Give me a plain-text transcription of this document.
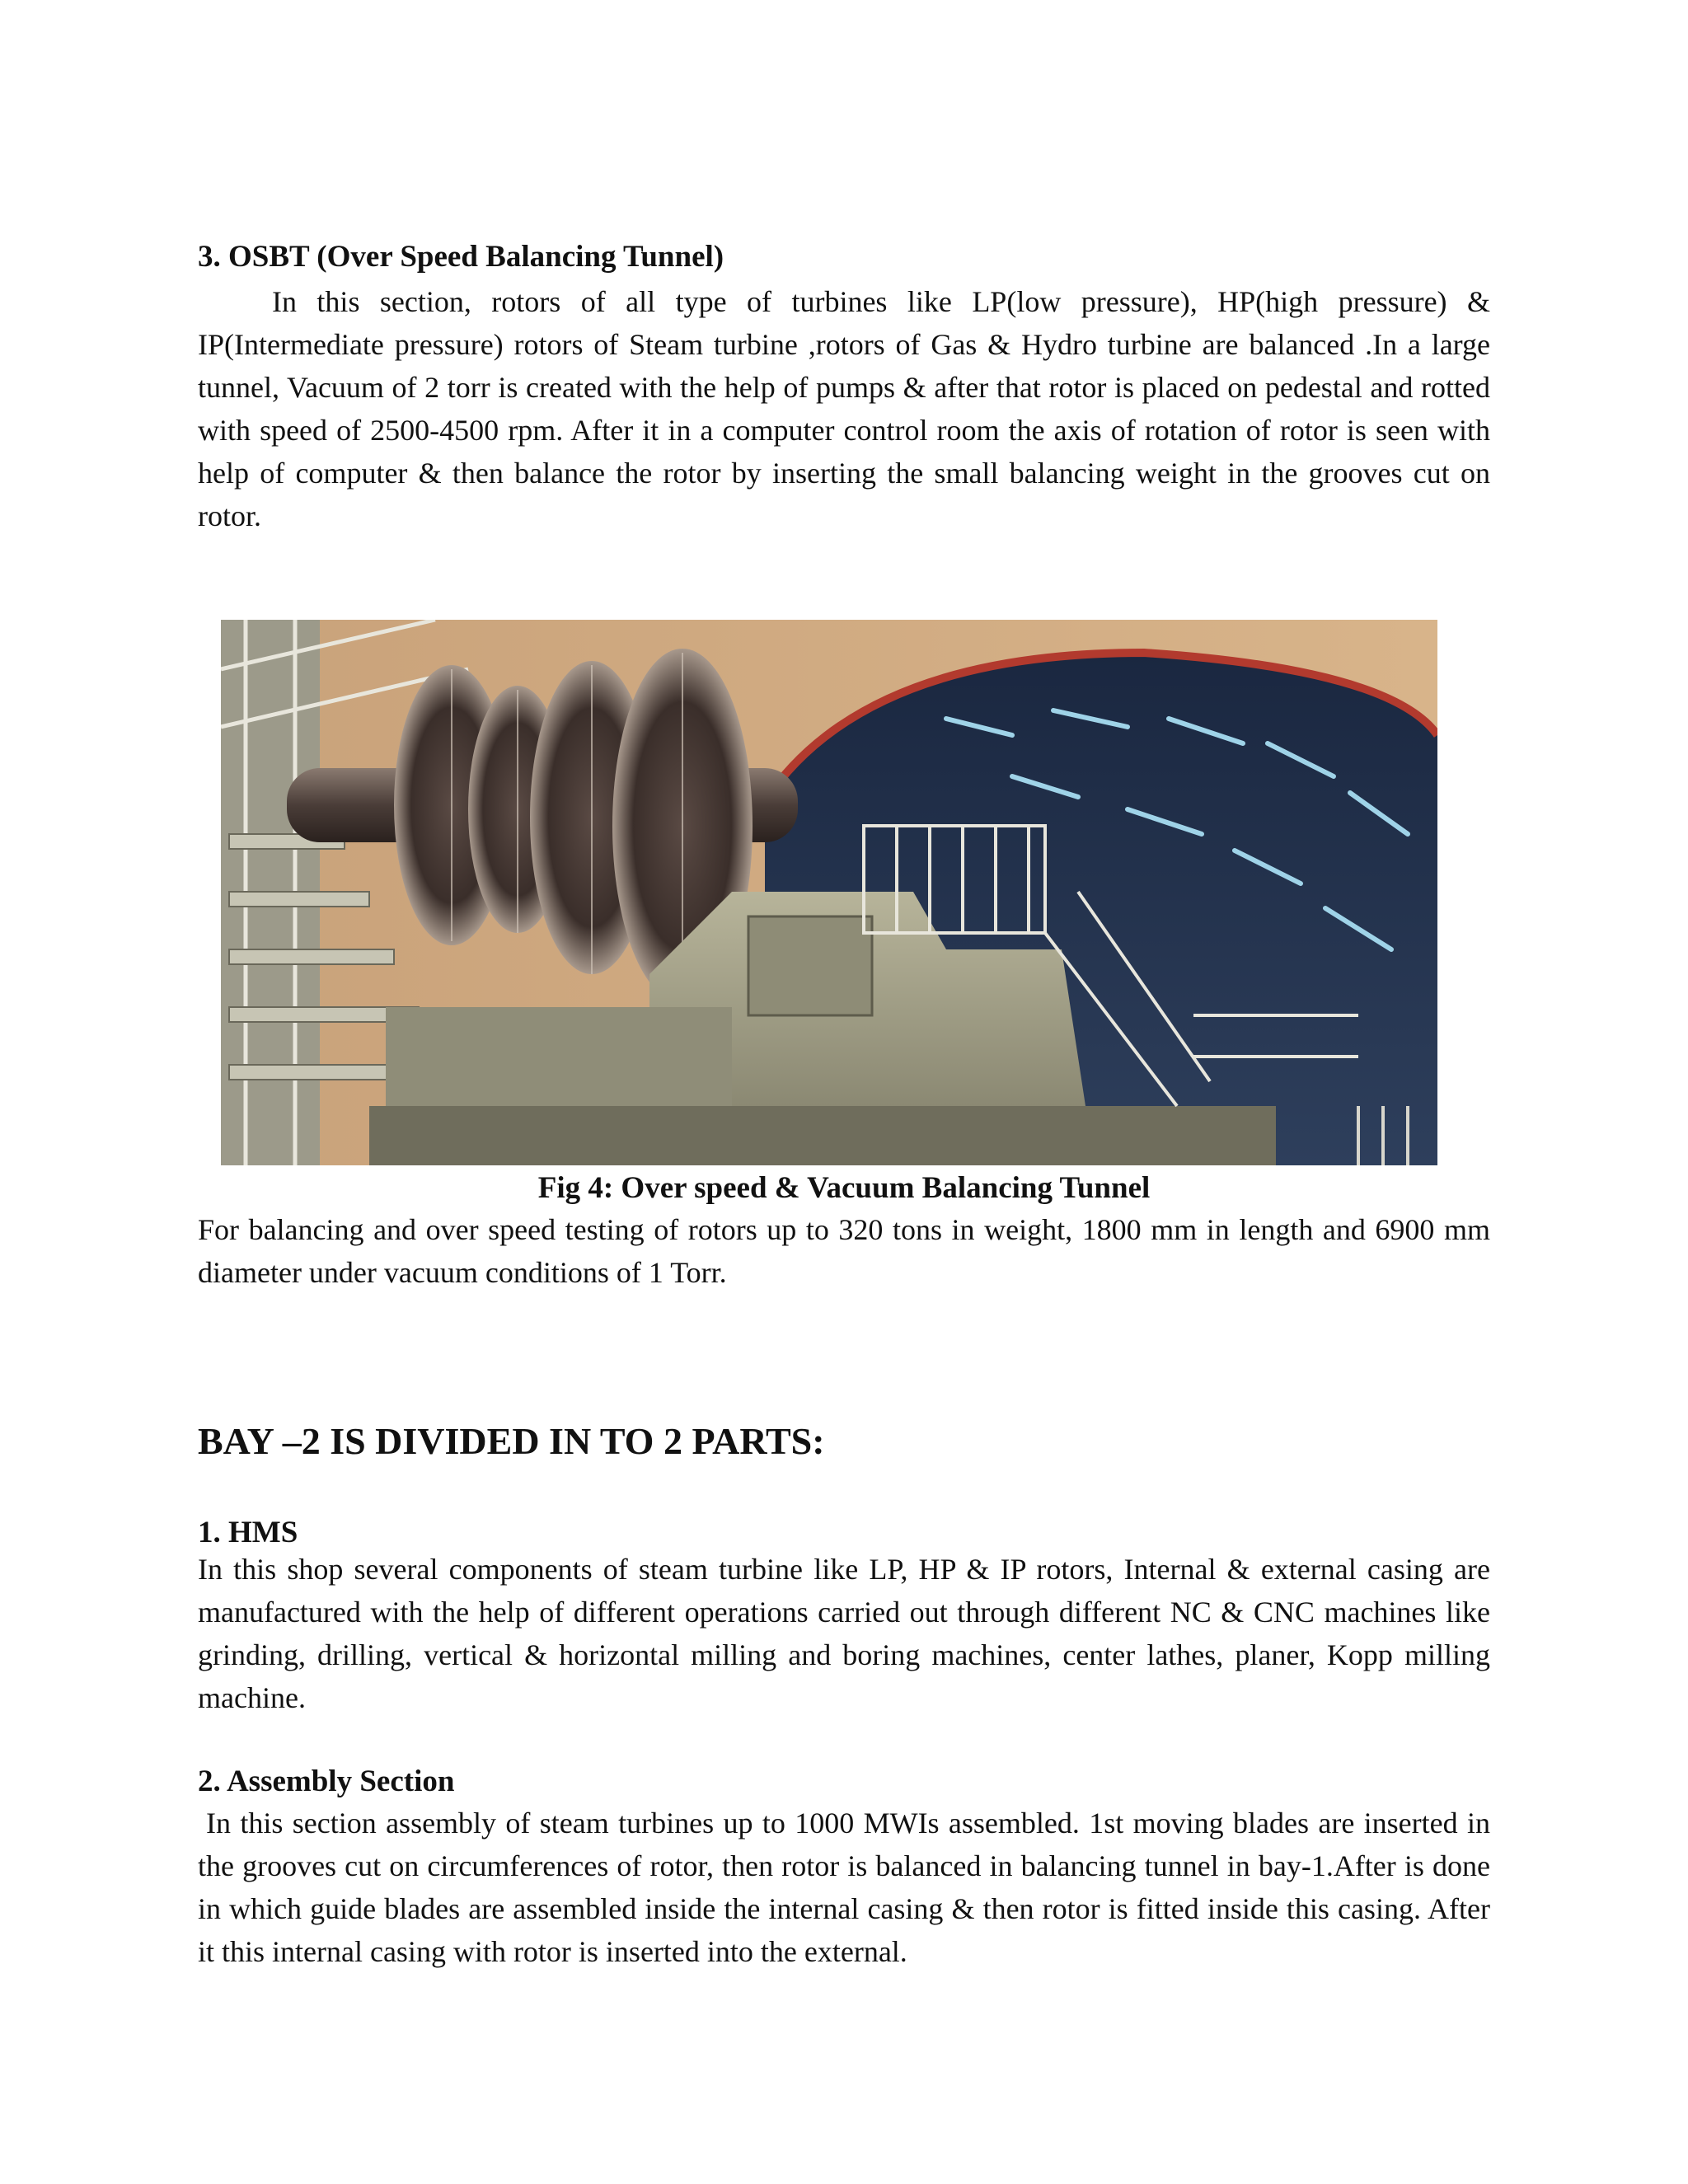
3. OSBT (Over Speed Balancing Tunnel)
In this section, rotors of all type of turbines like LP(low pressure), HP(high pressure) & IP(Intermediate pressure) rotors of Steam turbine ,rotors of Gas & Hydro turbine are balanced .In a large tunnel, Vacuum of 2 torr is created with the help of pumps & after that rotor is placed on pedestal and rotted with speed of 2500-4500 rpm. After it in a computer control room the axis of rotation of rotor is seen with help of computer & then balance the rotor by inserting the small balancing weight in the grooves cut on rotor.
Fig 4: Over speed & Vacuum Balancing Tunnel
For balancing and over speed testing of rotors up to 320 tons in weight, 1800 mm in length and 6900 mm diameter under vacuum conditions of 1 Torr.
BAY –2 IS DIVIDED IN TO 2 PARTS:
1. HMS
In this shop several components of steam turbine like LP, HP & IP rotors, Internal & external casing are manufactured with the help of different operations carried out through different NC & CNC machines like grinding, drilling, vertical & horizontal milling and boring machines, center lathes, planer, Kopp milling machine.
2. Assembly Section
In this section assembly of steam turbines up to 1000 MWIs assembled. 1st moving blades are inserted in the grooves cut on circumferences of rotor, then rotor is balanced in balancing tunnel in bay-1.After is done in which guide blades are assembled inside the internal casing & then rotor is fitted inside this casing. After it this internal casing with rotor is inserted into the external.
